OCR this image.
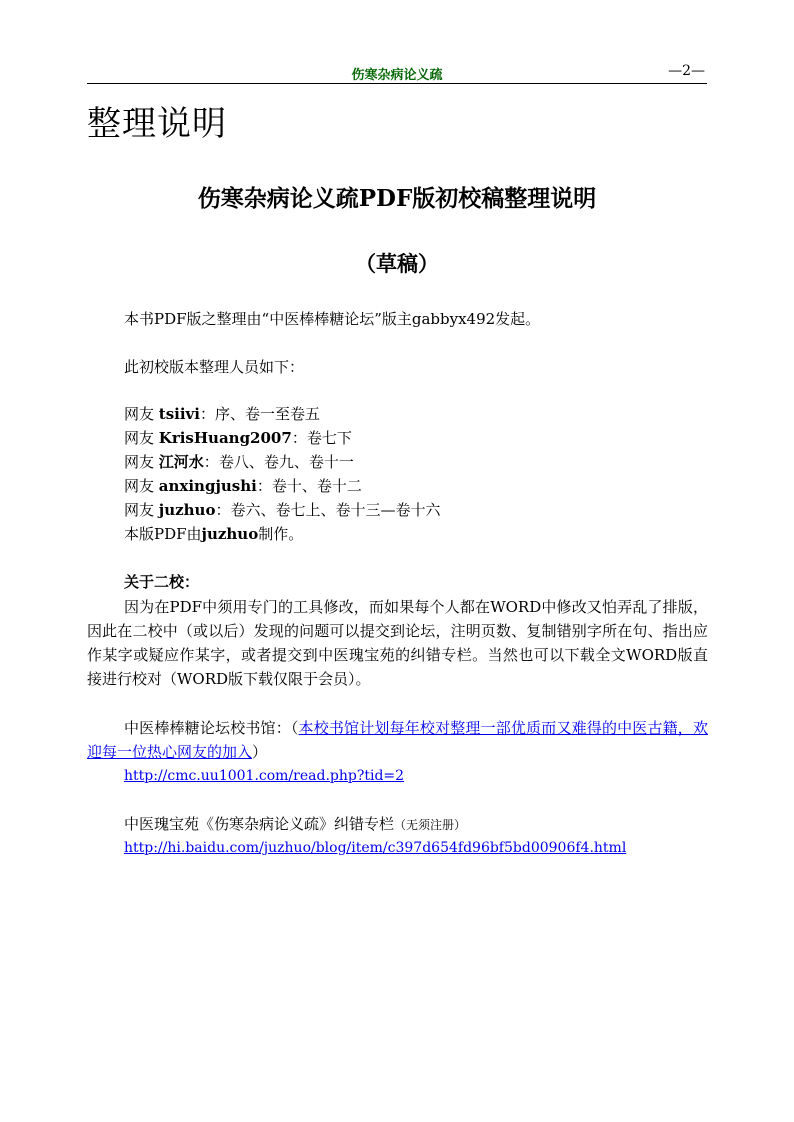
伤寒杂病论义疏	—2—
整理说明
伤寒杂病论义疏PDF版初校稿整理说明
（草稿）
本书PDF版之整理由“中医棒棒糖论坛”版主gabbyx492发起。
此初校版本整理人员如下：
网友 tsiivi：序、卷一至卷五
网友 KrisHuang2007：卷七下
网友 江河水：卷八、卷九、卷十一
网友 anxingjushi：卷十、卷十二
网友 juzhuo：卷六、卷七上、卷十三—卷十六
本版PDF由juzhuo制作。
关于二校：
因为在PDF中须用专门的工具修改，而如果每个人都在WORD中修改又怕弄乱了排版，因此在二校中（或以后）发现的问题可以提交到论坛，注明页数、复制错别字所在句、指出应作某字或疑应作某字，或者提交到中医瑰宝苑的纠错专栏。当然也可以下载全文WORD版直接进行校对（WORD版下载仅限于会员）。
中医棒棒糖论坛校书馆：（本校书馆计划每年校对整理一部优质而又难得的中医古籍，欢迎每一位热心网友的加入）
http://cmc.uu1001.com/read.php?tid=2
中医瑰宝苑《伤寒杂病论义疏》纠错专栏（无须注册）
http://hi.baidu.com/juzhuo/blog/item/c397d654fd96bf5bd00906f4.html
